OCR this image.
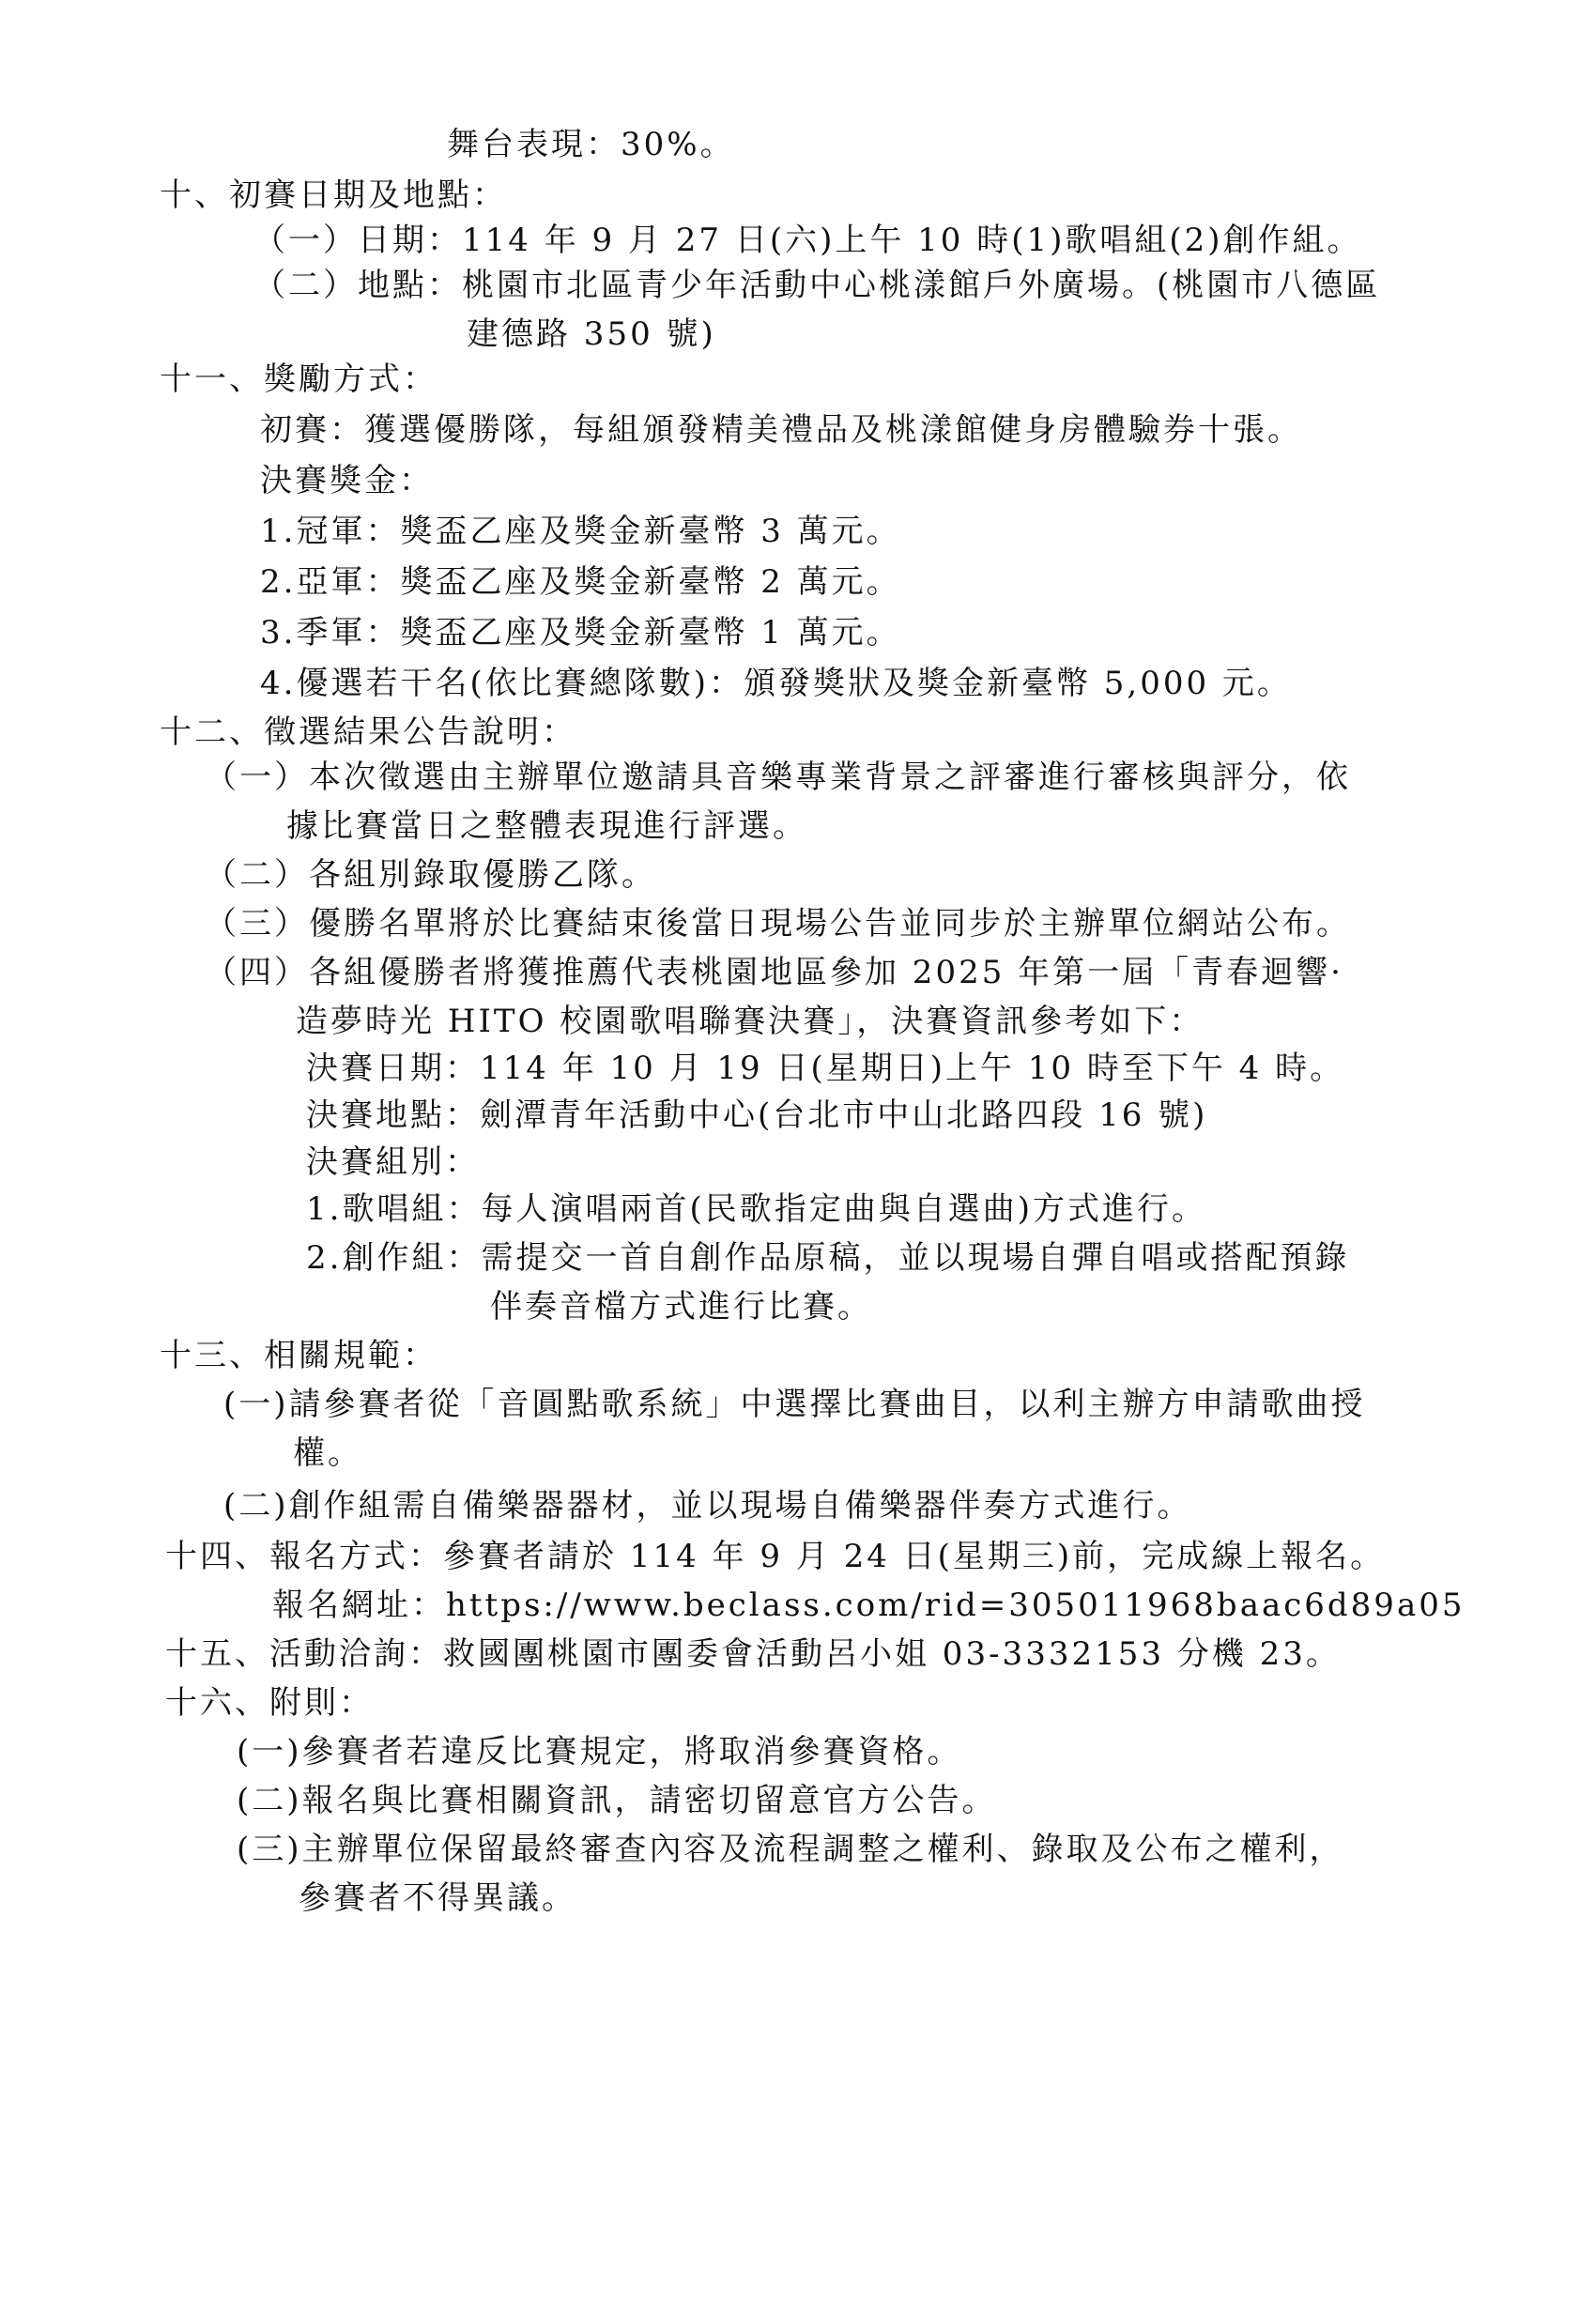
舞台表現：30%。
十、初賽日期及地點：
（一）日期：114 年 9 月 27 日(六)上午 10 時(1)歌唱組(2)創作組。
（二）地點：桃園市北區青少年活動中心桃漾館戶外廣場。(桃園市八德區
建德路 350 號)
十一、獎勵方式：
初賽：獲選優勝隊，每組頒發精美禮品及桃漾館健身房體驗券十張。
決賽獎金：
1.冠軍：獎盃乙座及獎金新臺幣 3 萬元。
2.亞軍：獎盃乙座及獎金新臺幣 2 萬元。
3.季軍：獎盃乙座及獎金新臺幣 1 萬元。
4.優選若干名(依比賽總隊數)：頒發獎狀及獎金新臺幣 5,000 元。
十二、徵選結果公告說明：
（一）本次徵選由主辦單位邀請具音樂專業背景之評審進行審核與評分，依
據比賽當日之整體表現進行評選。
（二）各組別錄取優勝乙隊。
（三）優勝名單將於比賽結束後當日現場公告並同步於主辦單位網站公布。
（四）各組優勝者將獲推薦代表桃園地區參加 2025 年第一屆「青春迴響·
造夢時光 HITO 校園歌唱聯賽決賽」，決賽資訊參考如下：
決賽日期：114 年 10 月 19 日(星期日)上午 10 時至下午 4 時。
決賽地點：劍潭青年活動中心(台北市中山北路四段 16 號)
決賽組別：
1.歌唱組：每人演唱兩首(民歌指定曲與自選曲)方式進行。
2.創作組：需提交一首自創作品原稿，並以現場自彈自唱或搭配預錄
伴奏音檔方式進行比賽。
十三、相關規範：
(一)請參賽者從「音圓點歌系統」中選擇比賽曲目，以利主辦方申請歌曲授
權。
(二)創作組需自備樂器器材，並以現場自備樂器伴奏方式進行。
十四、報名方式：參賽者請於 114 年 9 月 24 日(星期三)前，完成線上報名。
報名網址：https://www.beclass.com/rid=305011968baac6d89a05
十五、活動洽詢：救國團桃園市團委會活動呂小姐 03-3332153 分機 23。
十六、附則：
(一)參賽者若違反比賽規定，將取消參賽資格。
(二)報名與比賽相關資訊，請密切留意官方公告。
(三)主辦單位保留最終審查內容及流程調整之權利、錄取及公布之權利，
參賽者不得異議。
